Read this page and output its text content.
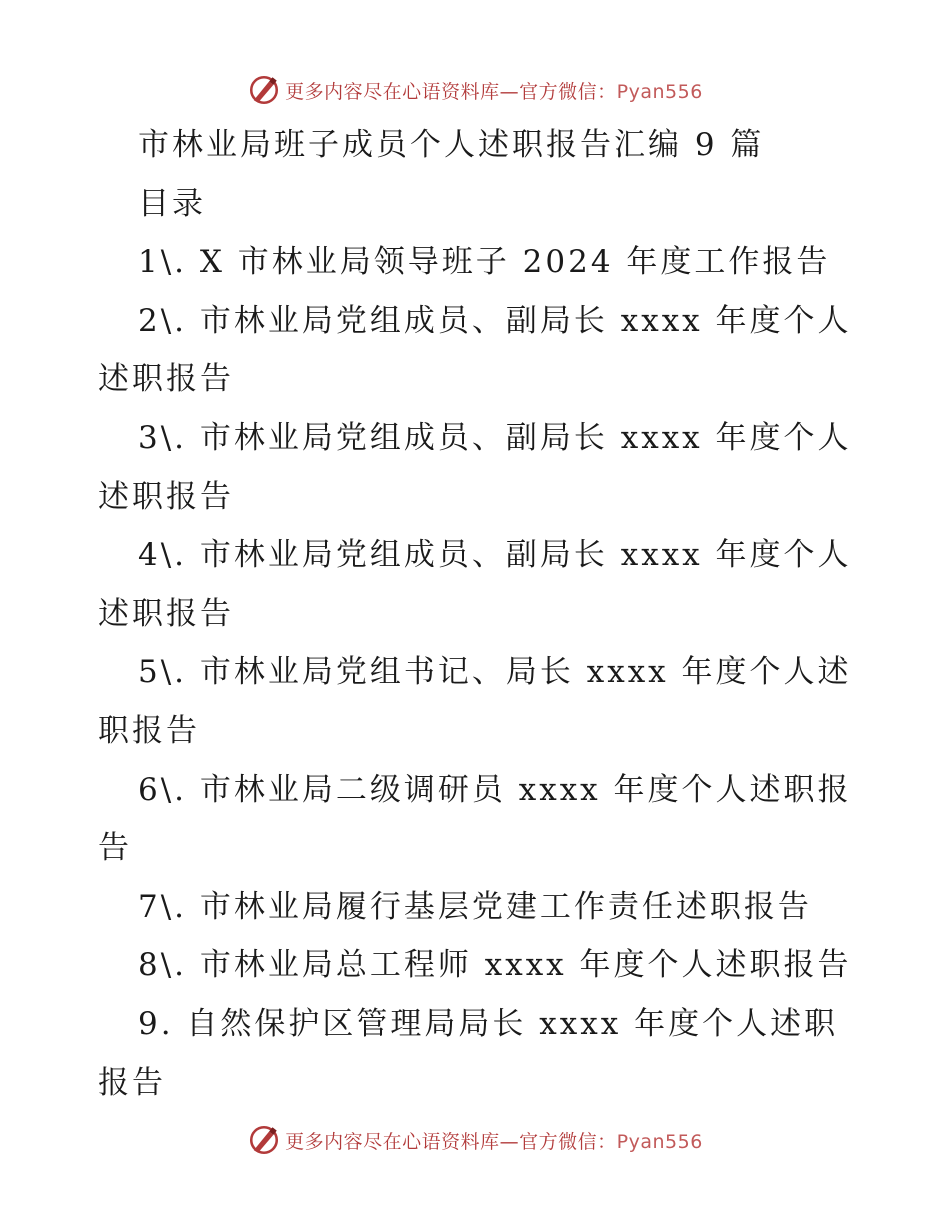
更多内容尽在心语资料库—官方微信：Pyan556

市林业局班子成员个人述职报告汇编 9 篇

目录

1\. X 市林业局领导班子 2024 年度工作报告

2\. 市林业局党组成员、副局长 xxxx 年度个人述职报告

3\. 市林业局党组成员、副局长 xxxx 年度个人述职报告

4\. 市林业局党组成员、副局长 xxxx 年度个人述职报告

5\. 市林业局党组书记、局长 xxxx 年度个人述职报告

6\. 市林业局二级调研员 xxxx 年度个人述职报告

7\. 市林业局履行基层党建工作责任述职报告

8\. 市林业局总工程师 xxxx 年度个人述职报告

9. 自然保护区管理局局长 xxxx 年度个人述职报告

更多内容尽在心语资料库—官方微信：Pyan556
